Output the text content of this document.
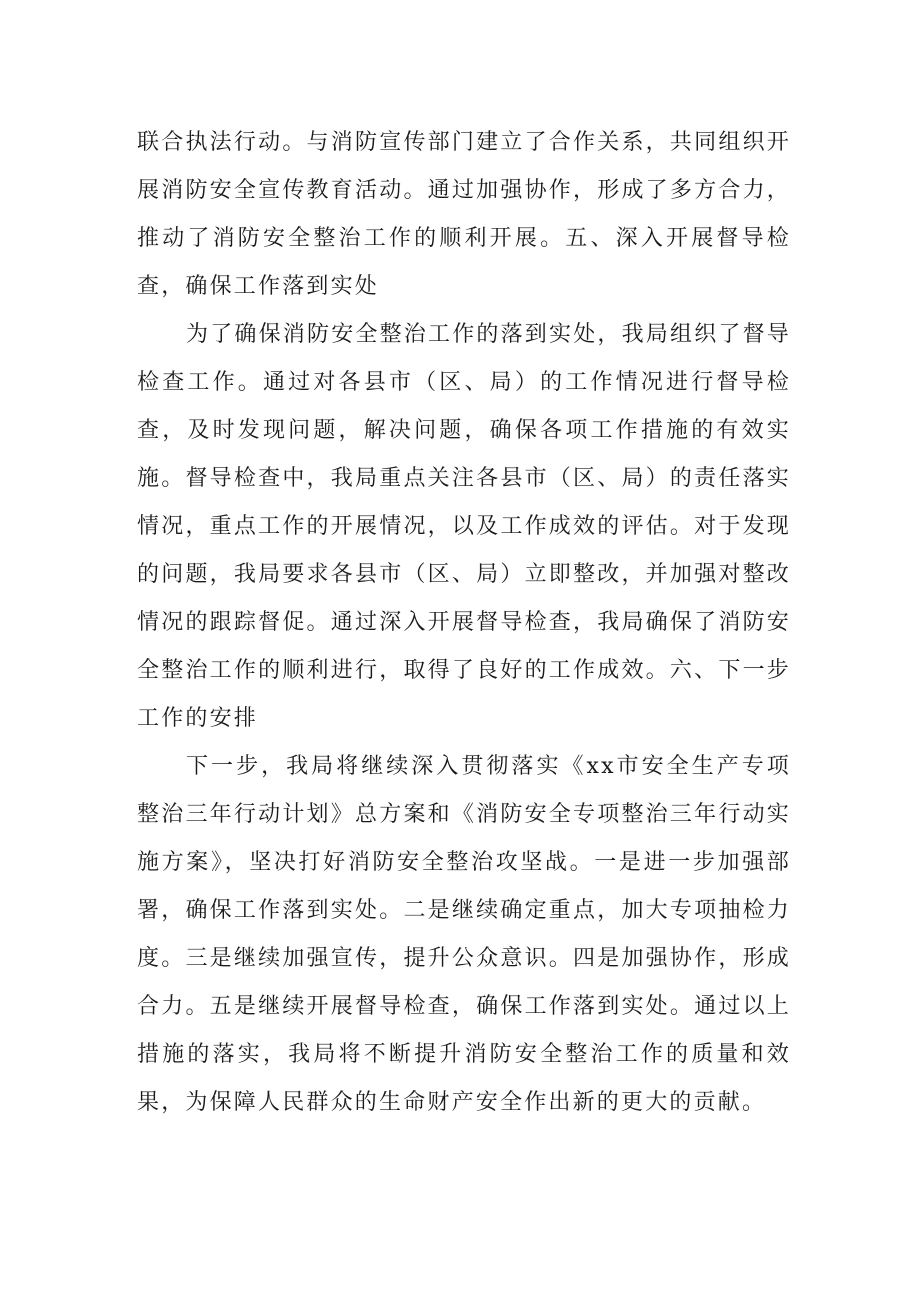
联合执法行动。与消防宣传部门建立了合作关系，共同组织开展消防安全宣传教育活动。通过加强协作，形成了多方合力，推动了消防安全整治工作的顺利开展。五、深入开展督导检查，确保工作落到实处

为了确保消防安全整治工作的落到实处，我局组织了督导检查工作。通过对各县市（区、局）的工作情况进行督导检查，及时发现问题，解决问题，确保各项工作措施的有效实施。督导检查中，我局重点关注各县市（区、局）的责任落实情况，重点工作的开展情况，以及工作成效的评估。对于发现的问题，我局要求各县市（区、局）立即整改，并加强对整改情况的跟踪督促。通过深入开展督导检查，我局确保了消防安全整治工作的顺利进行，取得了良好的工作成效。六、下一步工作的安排

下一步，我局将继续深入贯彻落实《xx市安全生产专项整治三年行动计划》总方案和《消防安全专项整治三年行动实施方案》，坚决打好消防安全整治攻坚战。一是进一步加强部署，确保工作落到实处。二是继续确定重点，加大专项抽检力度。三是继续加强宣传，提升公众意识。四是加强协作，形成合力。五是继续开展督导检查，确保工作落到实处。通过以上措施的落实，我局将不断提升消防安全整治工作的质量和效果，为保障人民群众的生命财产安全作出新的更大的贡献。
